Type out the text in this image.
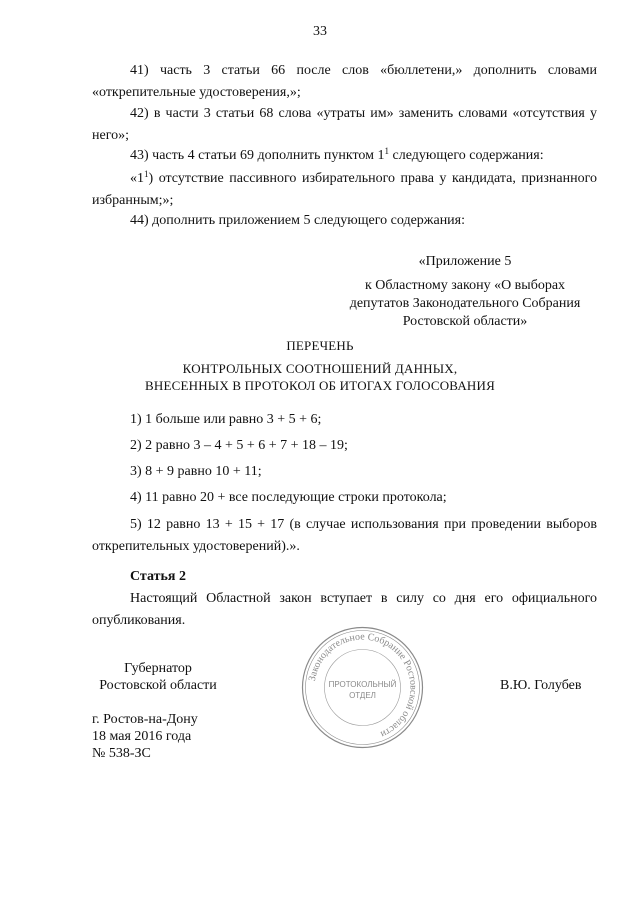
33
41) часть 3 статьи 66 после слов «бюллетени,» дополнить словами «открепительные удостоверения,»;
42) в части 3 статьи 68 слова «утраты им» заменить словами «отсутствия у него»;
43) часть 4 статьи 69 дополнить пунктом $1^1$ следующего содержания:
«$1^1$) отсутствие пассивного избирательного права у кандидата, признанного избранным;»;
44) дополнить приложением 5 следующего содержания:
«Приложение 5
к Областному закону «О выборах
депутатов Законодательного Собрания
Ростовской области»
ПЕРЕЧЕНЬ
КОНТРОЛЬНЫХ СООТНОШЕНИЙ ДАННЫХ,
ВНЕСЕННЫХ В ПРОТОКОЛ ОБ ИТОГАХ ГОЛОСОВАНИЯ
1) 1 больше или равно 3 + 5 + 6;
2) 2 равно 3 – 4 + 5 + 6 + 7 + 18 – 19;
3) 8 + 9 равно 10 + 11;
4) 11 равно 20 + все последующие строки протокола;
5) 12 равно 13 + 15 + 17 (в случае использования при проведении выборов открепительных удостоверений).».
Статья 2
Настоящий Областной закон вступает в силу со дня его официального опубликования.
Губернатор
Ростовской области	В.Ю. Голубев
г. Ростов-на-Дону
18 мая 2016 года
№ 538-ЗС
Законодательное Собрание Ростовской области
ПРОТОКОЛЬНЫЙ
ОТДЕЛ
